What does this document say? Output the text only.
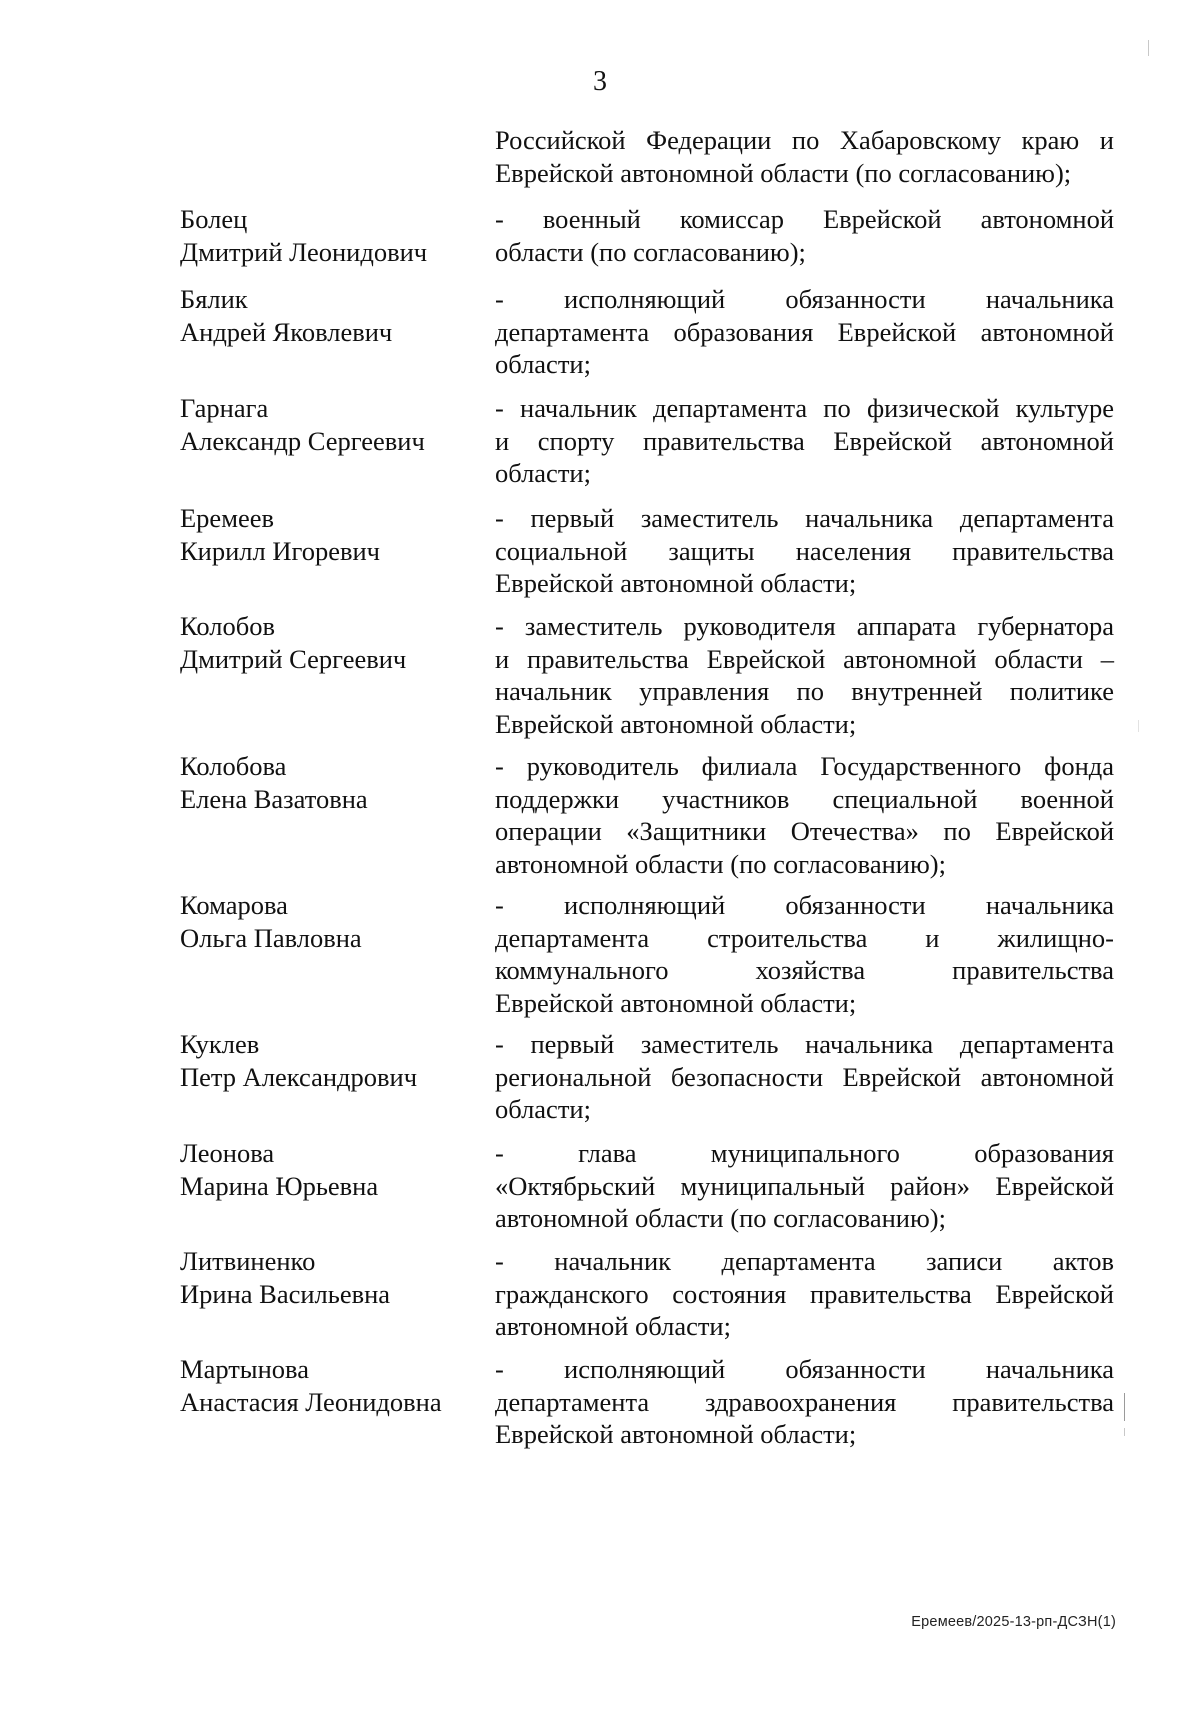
3
Российской Федерации по Хабаровскому краю и
Еврейской автономной области (по согласованию);
Болец
Дмитрий Леонидович
- военный комиссар Еврейской автономной
области (по согласованию);
Бялик
Андрей Яковлевич
- исполняющий обязанности начальника
департамента образования Еврейской автономной
области;
Гарнага
Александр Сергеевич
- начальник департамента по физической культуре
и спорту правительства Еврейской автономной
области;
Еремеев
Кирилл Игоревич
- первый заместитель начальника департамента
социальной защиты населения правительства
Еврейской автономной области;
Колобов
Дмитрий Сергеевич
- заместитель руководителя аппарата губернатора
и правительства Еврейской автономной области –
начальник управления по внутренней политике
Еврейской автономной области;
Колобова
Елена Вазатовна
- руководитель филиала Государственного фонда
поддержки участников специальной военной
операции «Защитники Отечества» по Еврейской
автономной области (по согласованию);
Комарова
Ольга Павловна
- исполняющий обязанности начальника
департамента строительства и жилищно-
коммунального хозяйства правительства
Еврейской автономной области;
Куклев
Петр Александрович
- первый заместитель начальника департамента
региональной безопасности Еврейской автономной
области;
Леонова
Марина Юрьевна
- глава муниципального образования
«Октябрьский муниципальный район» Еврейской
автономной области (по согласованию);
Литвиненко
Ирина Васильевна
- начальник департамента записи актов
гражданского состояния правительства Еврейской
автономной области;
Мартынова
Анастасия Леонидовна
- исполняющий обязанности начальника
департамента здравоохранения правительства
Еврейской автономной области;
Еремеев/2025-13-рп-ДСЗН(1)
